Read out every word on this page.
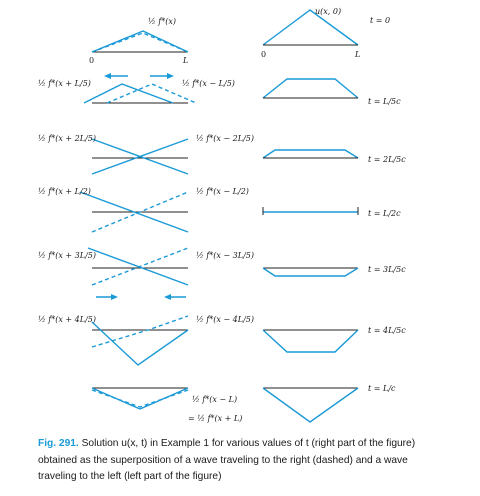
½ f*(x)
0	L
u(x, 0)
0	L
t = 0
½ f*(x + L/5)	½ f*(x − L/5)
t = L/5c
½ f*(x + 2L/5)	½ f*(x − 2L/5)
t = 2L/5c
½ f*(x + L/2)	½ f*(x − L/2)
t = L/2c
½ f*(x + 3L/5)	½ f*(x − 3L/5)
t = 3L/5c
½ f*(x + 4L/5)	½ f*(x − 4L/5)
t = 4L/5c
½ f*(x − L)
= ½ f*(x + L)
t = L/c
Fig. 291. Solution u(x, t) in Example 1 for various values of t (right part of the figure) obtained as the superposition of a wave traveling to the right (dashed) and a wave traveling to the left (left part of the figure)
